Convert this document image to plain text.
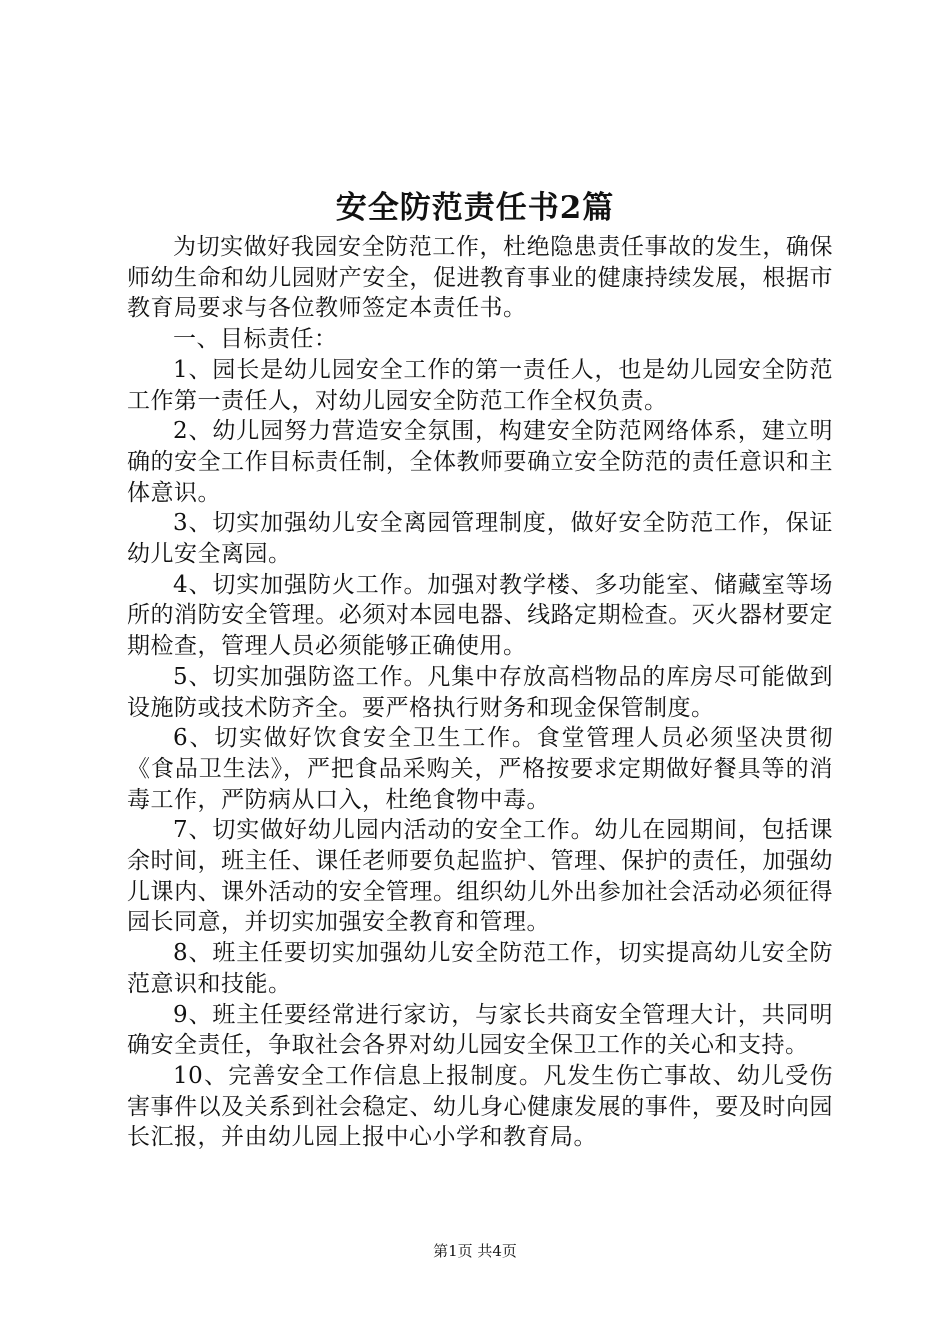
安全防范责任书2篇

为切实做好我园安全防范工作，杜绝隐患责任事故的发生，确保师幼生命和幼儿园财产安全，促进教育事业的健康持续发展，根据市教育局要求与各位教师签定本责任书。

一、目标责任：

1、园长是幼儿园安全工作的第一责任人，也是幼儿园安全防范工作第一责任人，对幼儿园安全防范工作全权负责。

2、幼儿园努力营造安全氛围，构建安全防范网络体系，建立明确的安全工作目标责任制，全体教师要确立安全防范的责任意识和主体意识。

3、切实加强幼儿安全离园管理制度，做好安全防范工作，保证幼儿安全离园。

4、切实加强防火工作。加强对教学楼、多功能室、储藏室等场所的消防安全管理。必须对本园电器、线路定期检查。灭火器材要定期检查，管理人员必须能够正确使用。

5、切实加强防盗工作。凡集中存放高档物品的库房尽可能做到设施防或技术防齐全。要严格执行财务和现金保管制度。

6、切实做好饮食安全卫生工作。食堂管理人员必须坚决贯彻《食品卫生法》，严把食品采购关，严格按要求定期做好餐具等的消毒工作，严防病从口入，杜绝食物中毒。

7、切实做好幼儿园内活动的安全工作。幼儿在园期间，包括课余时间，班主任、课任老师要负起监护、管理、保护的责任，加强幼儿课内、课外活动的安全管理。组织幼儿外出参加社会活动必须征得园长同意，并切实加强安全教育和管理。

8、班主任要切实加强幼儿安全防范工作，切实提高幼儿安全防范意识和技能。

9、班主任要经常进行家访，与家长共商安全管理大计，共同明确安全责任，争取社会各界对幼儿园安全保卫工作的关心和支持。

10、完善安全工作信息上报制度。凡发生伤亡事故、幼儿受伤害事件以及关系到社会稳定、幼儿身心健康发展的事件，要及时向园长汇报，并由幼儿园上报中心小学和教育局。

第1页 共4页
